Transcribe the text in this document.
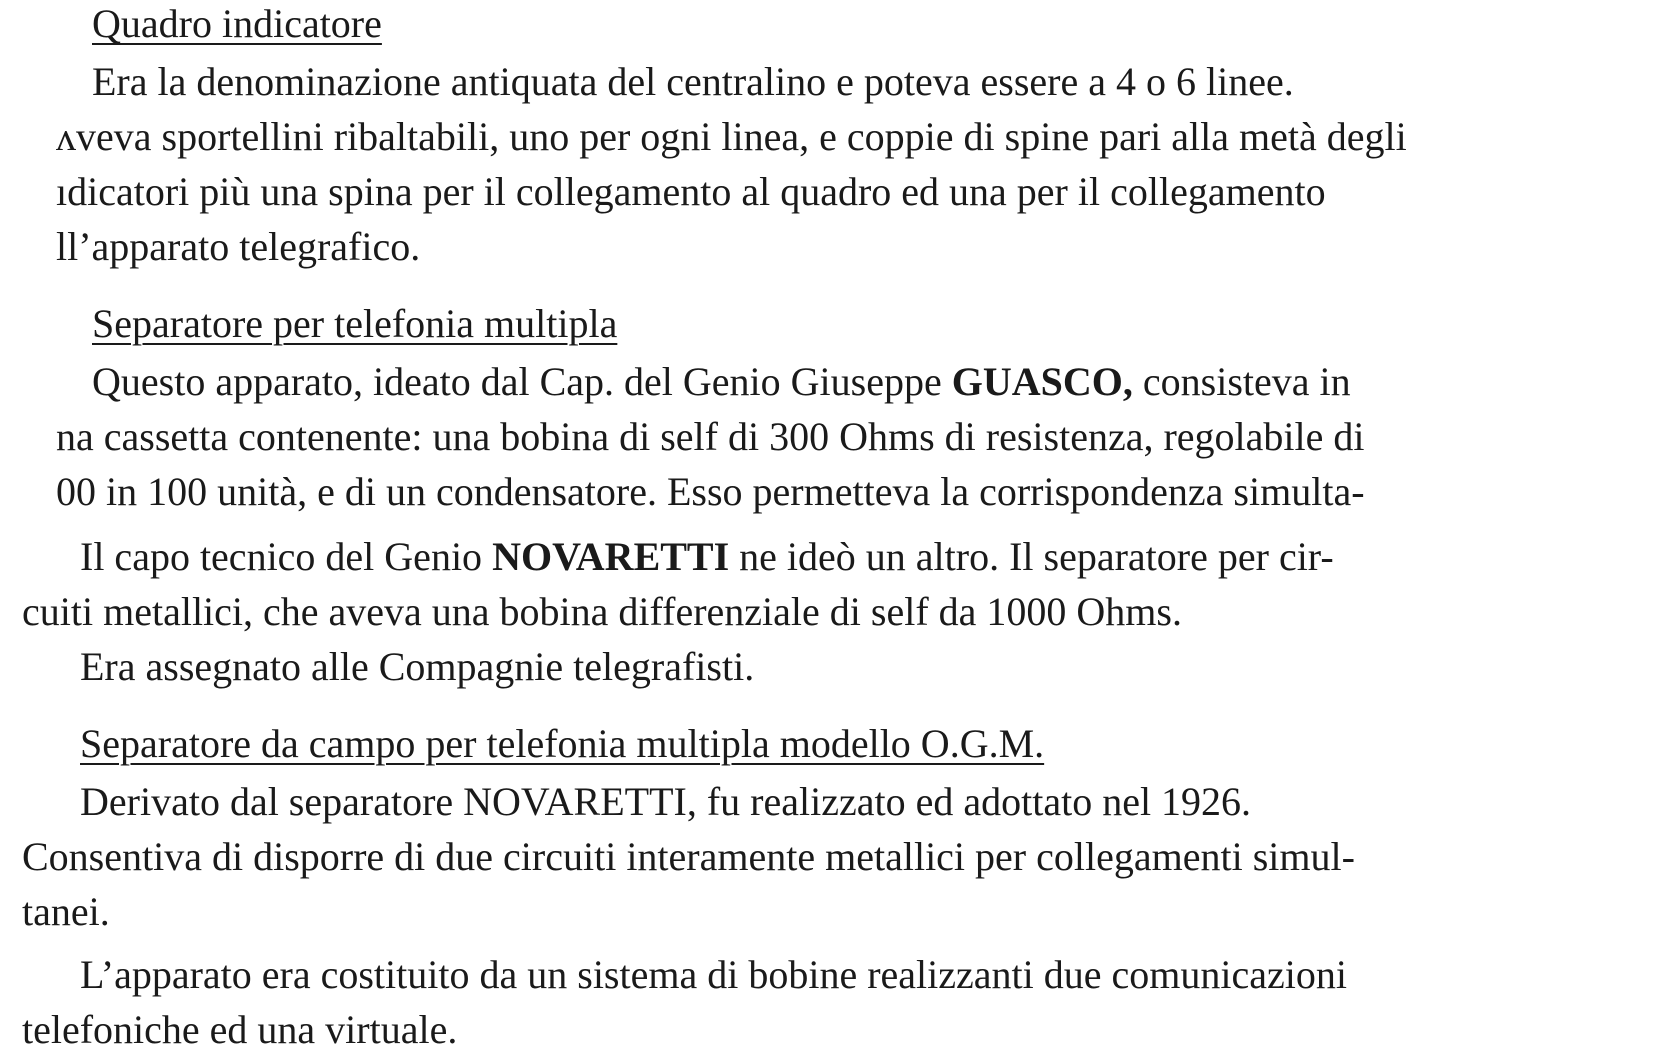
Quadro indicatore
Era la denominazione antiquata del centralino e poteva essere a 4 o 6 linee.
ʌveva sportellini ribaltabili, uno per ogni linea, e coppie di spine pari alla metà degli
ıdicatori più una spina per il collegamento al quadro ed una per il collegamento
ll’apparato telegrafico.
Separatore per telefonia multipla
Questo apparato, ideato dal Cap. del Genio Giuseppe GUASCO, consisteva in
na cassetta contenente: una bobina di self di 300 Ohms di resistenza, regolabile di
00 in 100 unità, e di un condensatore. Esso permetteva la corrispondenza simulta-
Il capo tecnico del Genio NOVARETTI ne ideò un altro. Il separatore per cir-
cuiti metallici, che aveva una bobina differenziale di self da 1000 Ohms.
Era assegnato alle Compagnie telegrafisti.
Separatore da campo per telefonia multipla modello O.G.M.
Derivato dal separatore NOVARETTI, fu realizzato ed adottato nel 1926.
Consentiva di disporre di due circuiti interamente metallici per collegamenti simul-
tanei.
L’apparato era costituito da un sistema di bobine realizzanti due comunicazioni
telefoniche ed una virtuale.
